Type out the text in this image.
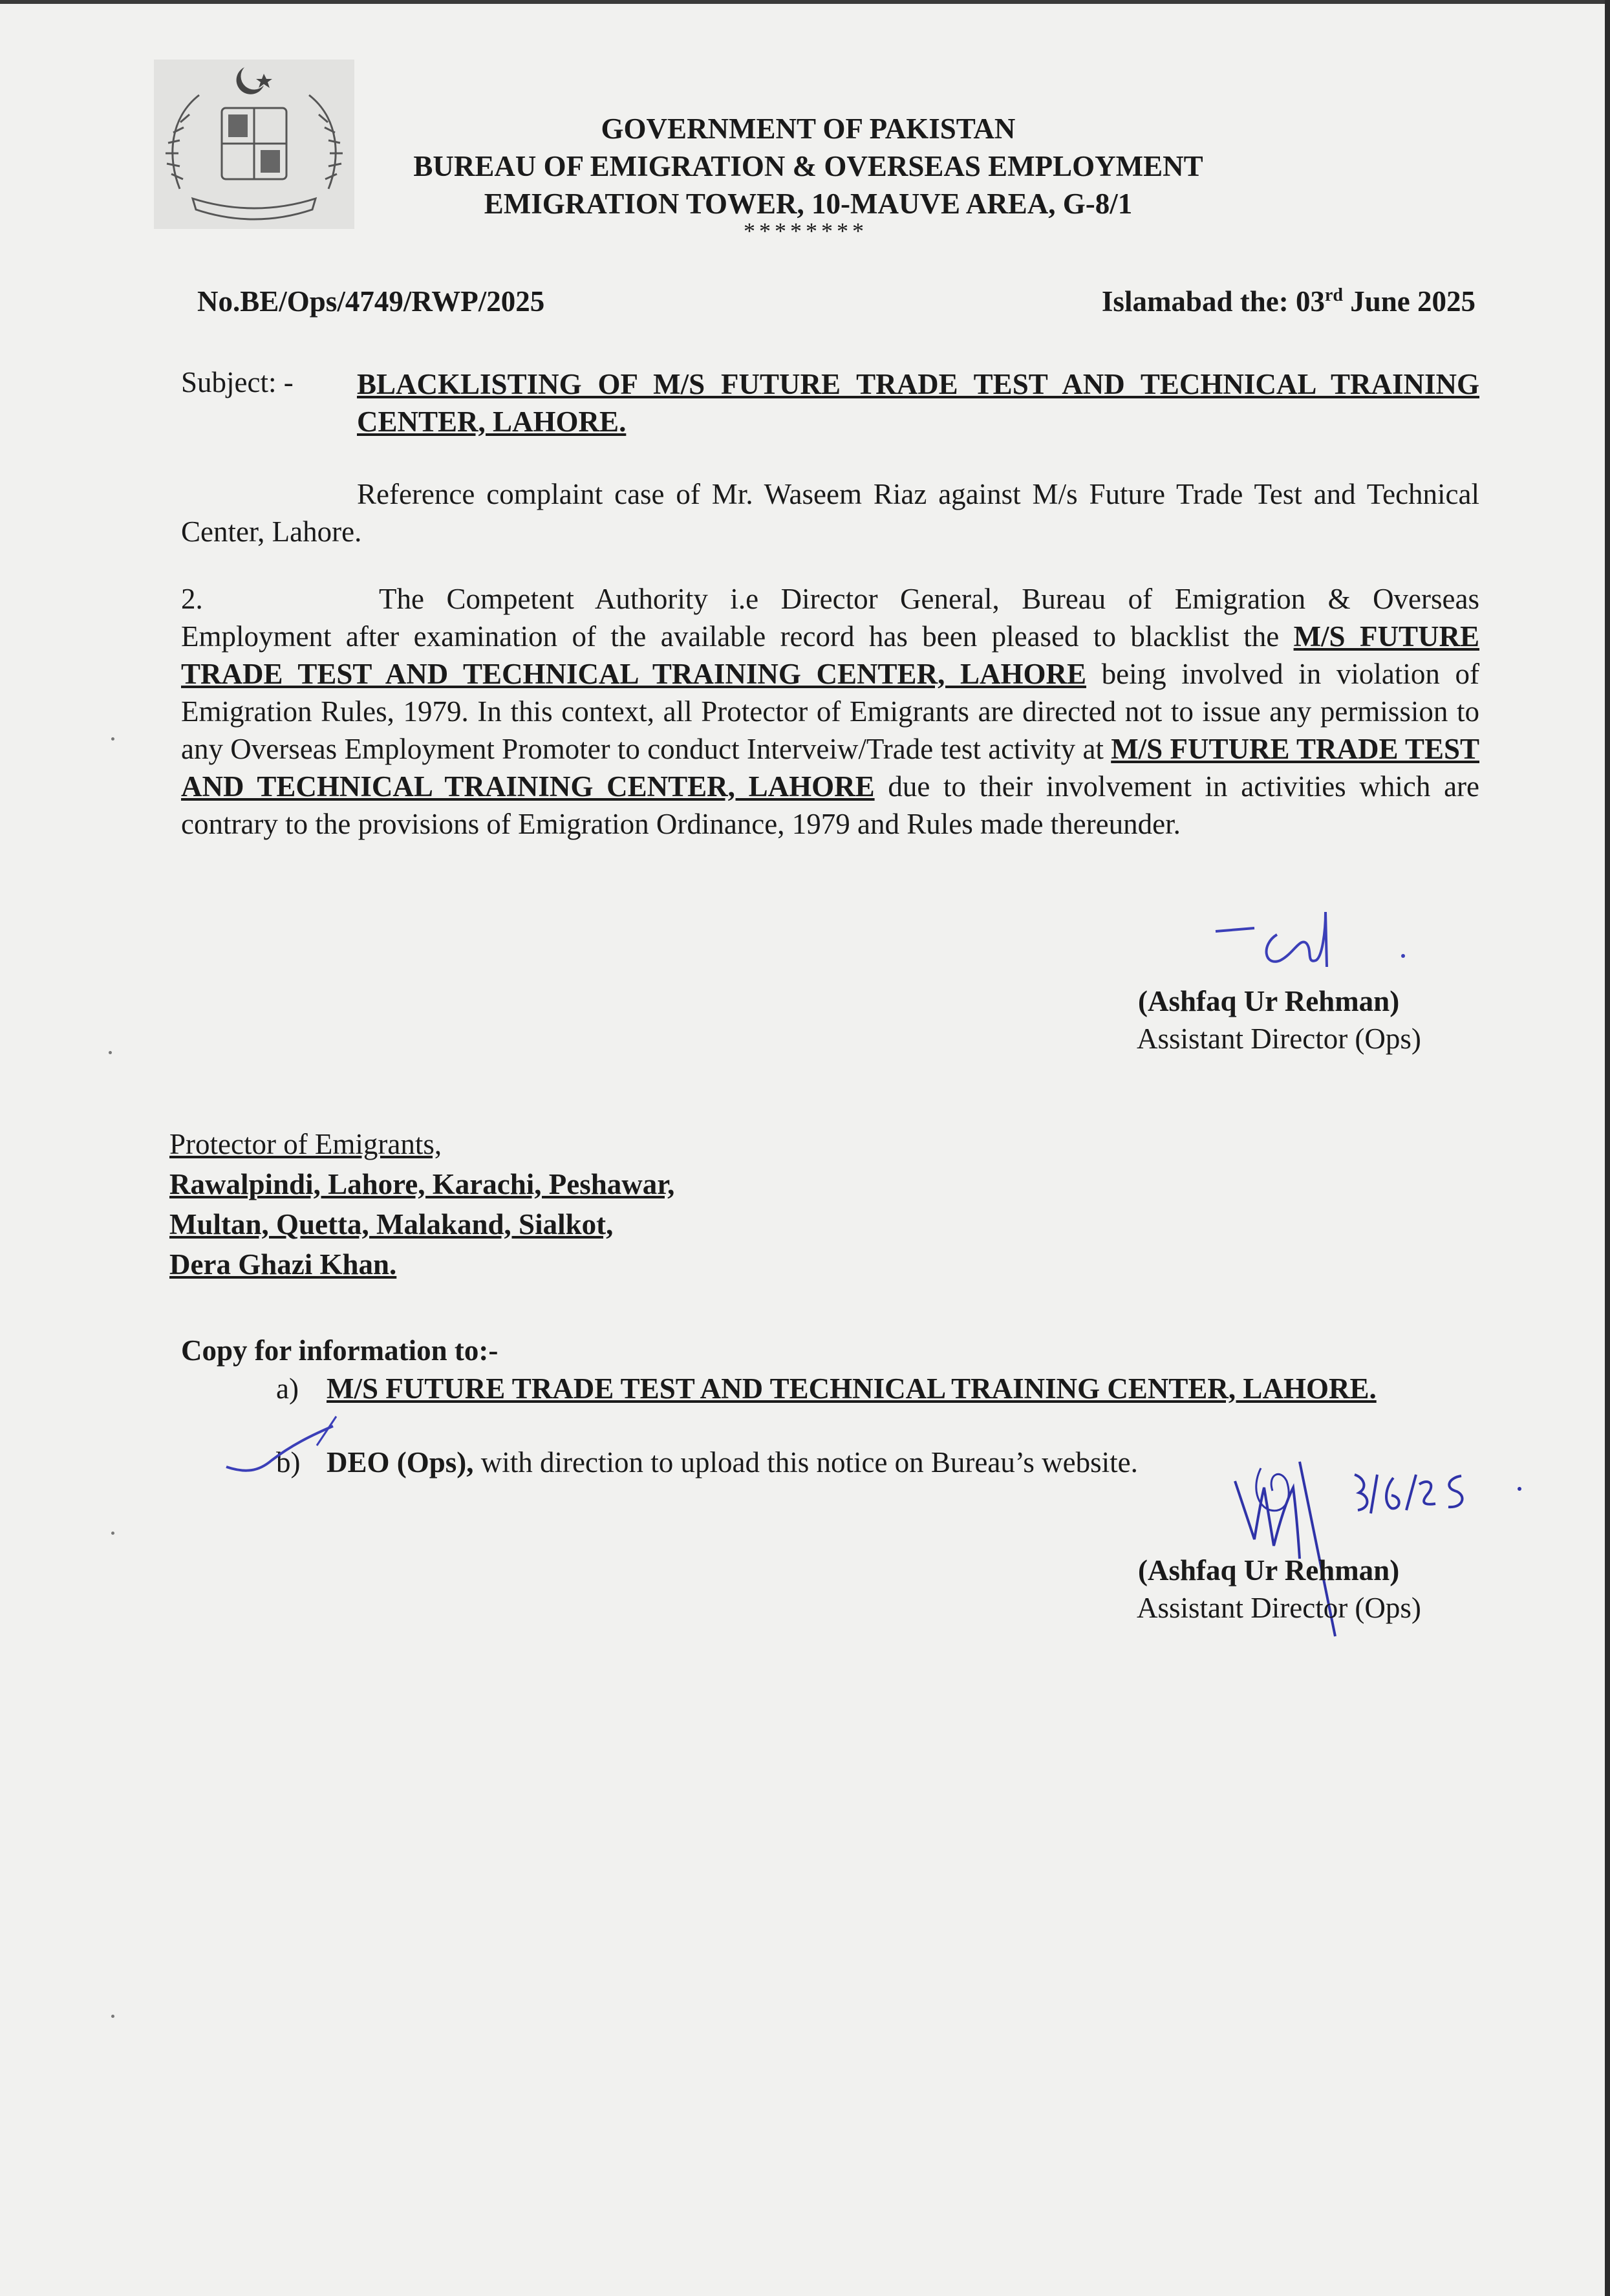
GOVERNMENT OF PAKISTAN
BUREAU OF EMIGRATION & OVERSEAS EMPLOYMENT
EMIGRATION TOWER, 10-MAUVE AREA, G-8/1
********
No.BE/Ops/4749/RWP/2025	Islamabad the: 03rd June 2025
Subject: - BLACKLISTING OF M/S FUTURE TRADE TEST AND TECHNICAL TRAINING CENTER, LAHORE.
Reference complaint case of Mr. Waseem Riaz against M/s Future Trade Test and Technical Center, Lahore.
2.	The Competent Authority i.e Director General, Bureau of Emigration & Overseas Employment after examination of the available record has been pleased to blacklist the M/S FUTURE TRADE TEST AND TECHNICAL TRAINING CENTER, LAHORE being involved in violation of Emigration Rules, 1979. In this context, all Protector of Emigrants are directed not to issue any permission to any Overseas Employment Promoter to conduct Interveiw/Trade test activity at M/S FUTURE TRADE TEST AND TECHNICAL TRAINING CENTER, LAHORE due to their involvement in activities which are contrary to the provisions of Emigration Ordinance, 1979 and Rules made thereunder.
(Ashfaq Ur Rehman)
Assistant Director (Ops)
Protector of Emigrants,
Rawalpindi, Lahore, Karachi, Peshawar,
Multan, Quetta, Malakand, Sialkot,
Dera Ghazi Khan.
Copy for information to:-
a) M/S FUTURE TRADE TEST AND TECHNICAL TRAINING CENTER, LAHORE.
b) DEO (Ops), with direction to upload this notice on Bureau’s website.
(Ashfaq Ur Rehman)
Assistant Director (Ops)
